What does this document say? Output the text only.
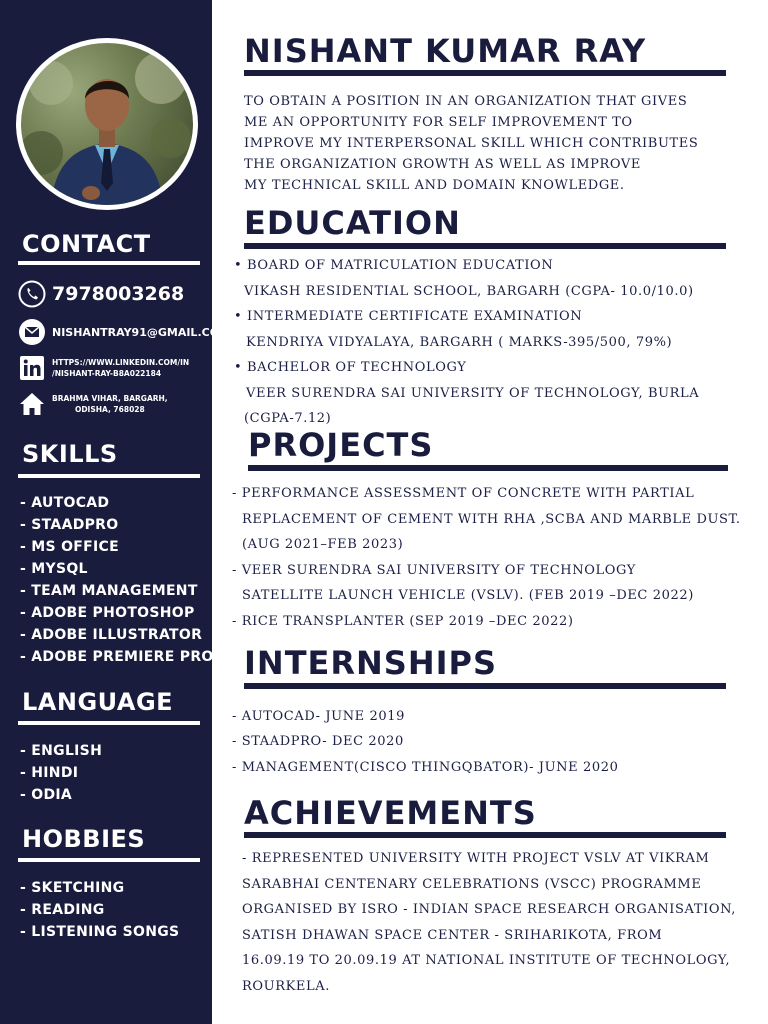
CONTACT
7978003268
NISHANTRAY91@GMAIL.COM
HTTPS://WWW.LINKEDIN.COM/IN
/NISHANT-RAY-B8A022184
BRAHMA VIHAR, BARGARH,
ODISHA, 768028
SKILLS
- AUTOCAD
- STAADPRO
- MS OFFICE
- MYSQL
- TEAM MANAGEMENT
- ADOBE PHOTOSHOP
- ADOBE ILLUSTRATOR
- ADOBE PREMIERE PRO
LANGUAGE
- ENGLISH
- HINDI
- ODIA
HOBBIES
- SKETCHING
- READING
- LISTENING SONGS
NISHANT KUMAR RAY
TO OBTAIN A POSITION IN AN ORGANIZATION THAT GIVES
ME AN OPPORTUNITY FOR SELF IMPROVEMENT TO
IMPROVE MY INTERPERSONAL SKILL WHICH CONTRIBUTES
THE ORGANIZATION GROWTH AS WELL AS IMPROVE
MY TECHNICAL SKILL AND DOMAIN KNOWLEDGE.
EDUCATION
• BOARD OF MATRICULATION EDUCATION
VIKASH RESIDENTIAL SCHOOL, BARGARH (CGPA- 10.0/10.0)
• INTERMEDIATE CERTIFICATE EXAMINATION
KENDRIYA VIDYALAYA, BARGARH ( MARKS-395/500, 79%)
• BACHELOR OF TECHNOLOGY
VEER SURENDRA SAI UNIVERSITY OF TECHNOLOGY, BURLA
(CGPA-7.12)
PROJECTS
- PERFORMANCE ASSESSMENT OF CONCRETE WITH PARTIAL
REPLACEMENT OF CEMENT WITH RHA ,SCBA AND MARBLE DUST.
(AUG 2021–FEB 2023)
- VEER SURENDRA SAI UNIVERSITY OF TECHNOLOGY
SATELLITE LAUNCH VEHICLE (VSLV). (FEB 2019 –DEC 2022)
- RICE TRANSPLANTER (SEP 2019 –DEC 2022)
INTERNSHIPS
- AUTOCAD- JUNE 2019
- STAADPRO- DEC 2020
- MANAGEMENT(CISCO THINGQBATOR)- JUNE 2020
ACHIEVEMENTS
- REPRESENTED UNIVERSITY WITH PROJECT VSLV AT VIKRAM
SARABHAI CENTENARY CELEBRATIONS (VSCC) PROGRAMME
ORGANISED BY ISRO - INDIAN SPACE RESEARCH ORGANISATION,
SATISH DHAWAN SPACE CENTER - SRIHARIKOTA, FROM
16.09.19 TO 20.09.19 AT NATIONAL INSTITUTE OF TECHNOLOGY,
ROURKELA.
